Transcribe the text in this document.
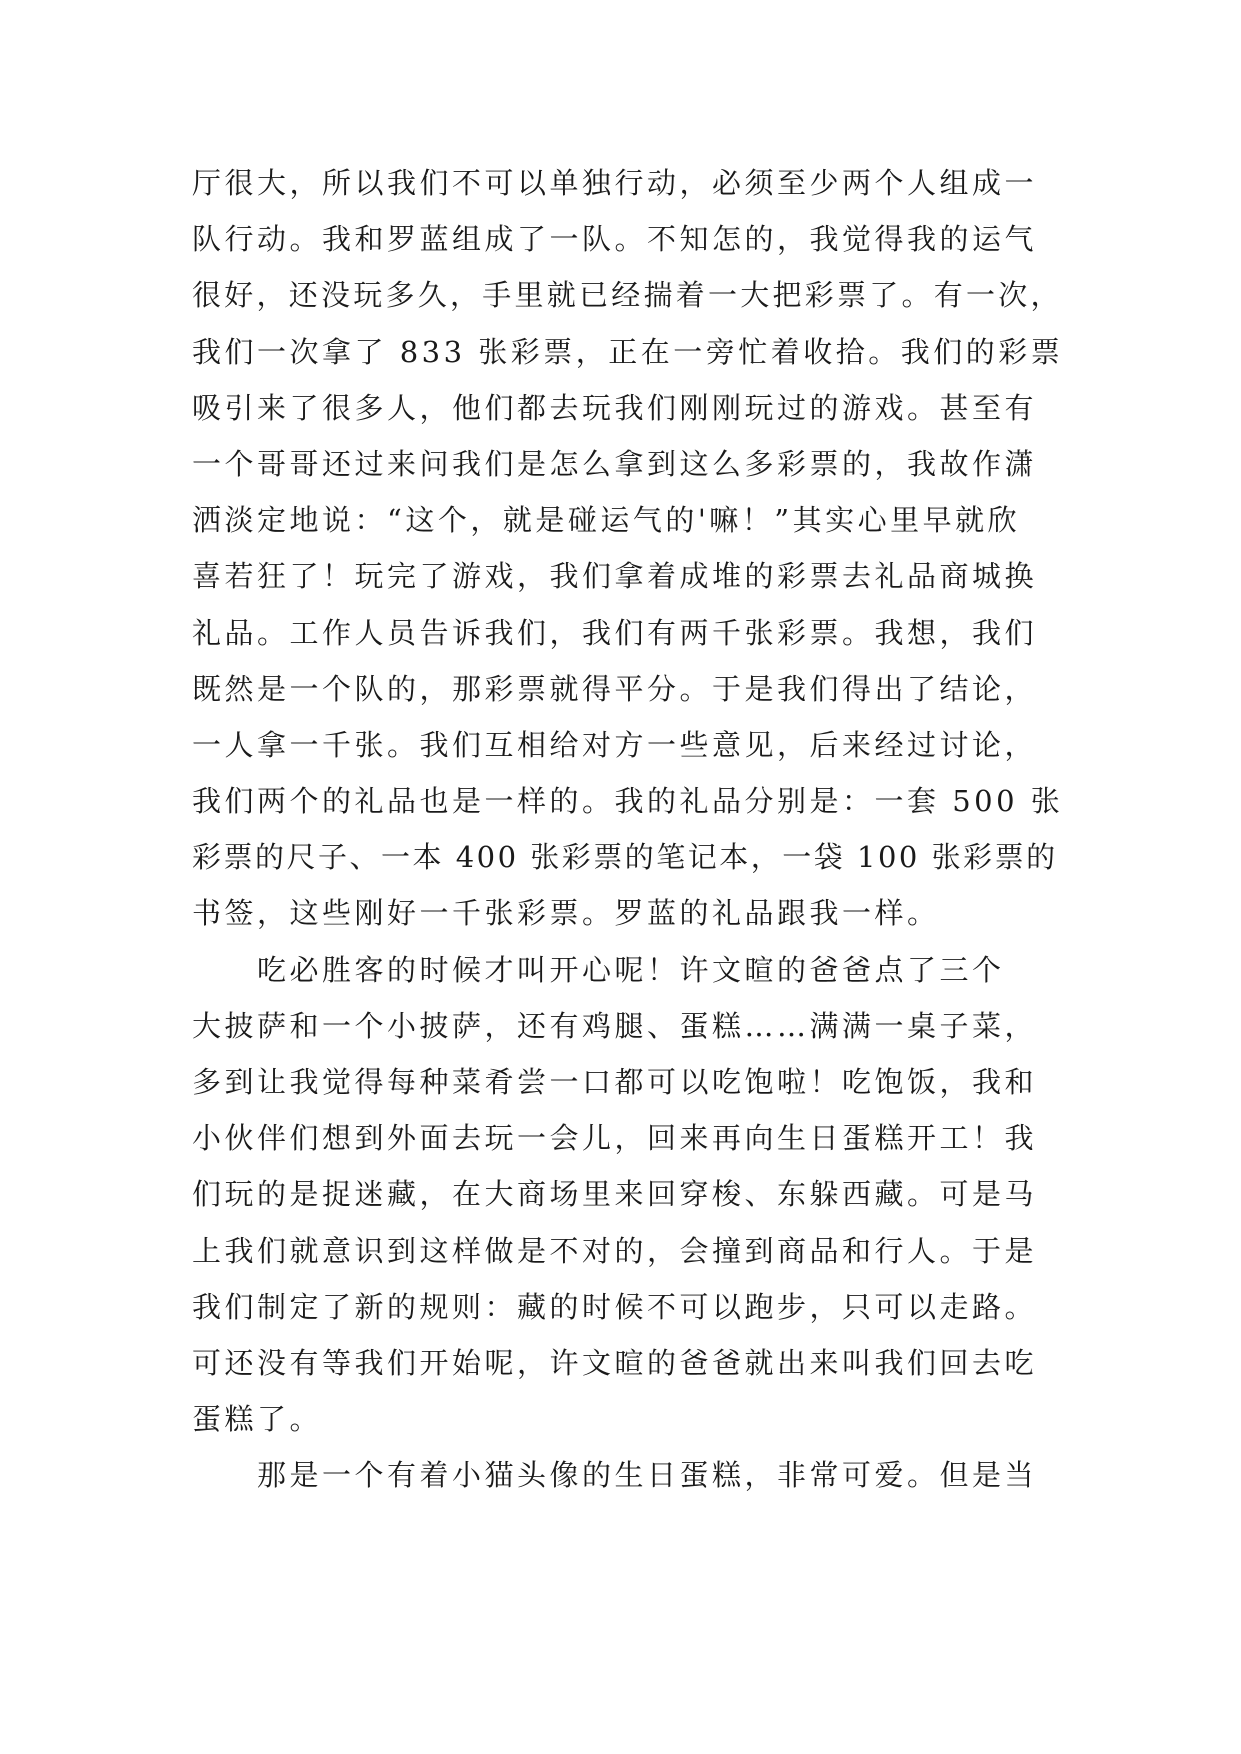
厅很大，所以我们不可以单独行动，必须至少两个人组成一
队行动。我和罗蓝组成了一队。不知怎的，我觉得我的运气
很好，还没玩多久，手里就已经揣着一大把彩票了。有一次，
我们一次拿了 833 张彩票，正在一旁忙着收拾。我们的彩票
吸引来了很多人，他们都去玩我们刚刚玩过的游戏。甚至有
一个哥哥还过来问我们是怎么拿到这么多彩票的，我故作潇
洒淡定地说：“这个，就是碰运气的'嘛！”其实心里早就欣
喜若狂了！玩完了游戏，我们拿着成堆的彩票去礼品商城换
礼品。工作人员告诉我们，我们有两千张彩票。我想，我们
既然是一个队的，那彩票就得平分。于是我们得出了结论，
一人拿一千张。我们互相给对方一些意见，后来经过讨论，
我们两个的礼品也是一样的。我的礼品分别是：一套 500 张
彩票的尺子、一本 400 张彩票的笔记本，一袋 100 张彩票的
书签，这些刚好一千张彩票。罗蓝的礼品跟我一样。
　　吃必胜客的时候才叫开心呢！许文暄的爸爸点了三个
大披萨和一个小披萨，还有鸡腿、蛋糕……满满一桌子菜，
多到让我觉得每种菜肴尝一口都可以吃饱啦！吃饱饭，我和
小伙伴们想到外面去玩一会儿，回来再向生日蛋糕开工！我
们玩的是捉迷藏，在大商场里来回穿梭、东躲西藏。可是马
上我们就意识到这样做是不对的，会撞到商品和行人。于是
我们制定了新的规则：藏的时候不可以跑步，只可以走路。
可还没有等我们开始呢，许文暄的爸爸就出来叫我们回去吃
蛋糕了。
　　那是一个有着小猫头像的生日蛋糕，非常可爱。但是当
